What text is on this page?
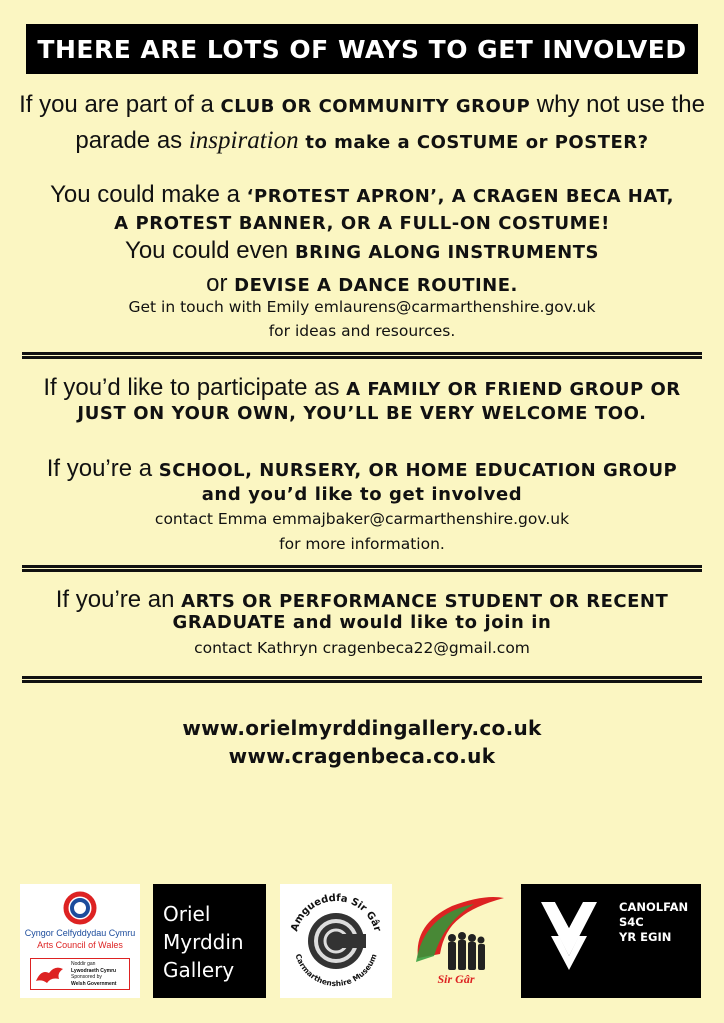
THERE ARE LOTS OF WAYS TO GET INVOLVED
If you are part of a CLUB OR COMMUNITY GROUP why not use the
parade as inspiration to make a COSTUME or POSTER?
You could make a ‘PROTEST APRON’, A CRAGEN BECA HAT,
A PROTEST BANNER, OR A FULL-ON COSTUME!
You could even BRING ALONG INSTRUMENTS
or DEVISE A DANCE ROUTINE.
Get in touch with Emily emlaurens@carmarthenshire.gov.uk
for ideas and resources.
If you’d like to participate as A FAMILY OR FRIEND GROUP OR
JUST ON YOUR OWN, YOU’LL BE VERY WELCOME TOO.
If you’re a SCHOOL, NURSERY, OR HOME EDUCATION GROUP
and you’d like to get involved
contact Emma emmajbaker@carmarthenshire.gov.uk
for more information.
If you’re an ARTS OR PERFORMANCE STUDENT OR RECENT
GRADUATE and would like to join in
contact Kathryn cragenbeca22@gmail.com
www.orielmyrddingallery.co.uk
www.cragenbeca.co.uk
Cyngor Celfyddydau Cymru
Arts Council of Wales
Noddir gan
Lywodraeth Cymru
Sponsored by
Welsh Government
Oriel
Myrddin
Gallery
Amgueddfa Sir Gâr
Carmarthenshire Museum
Sir Gâr
CANOLFAN
S4C
YR EGIN
